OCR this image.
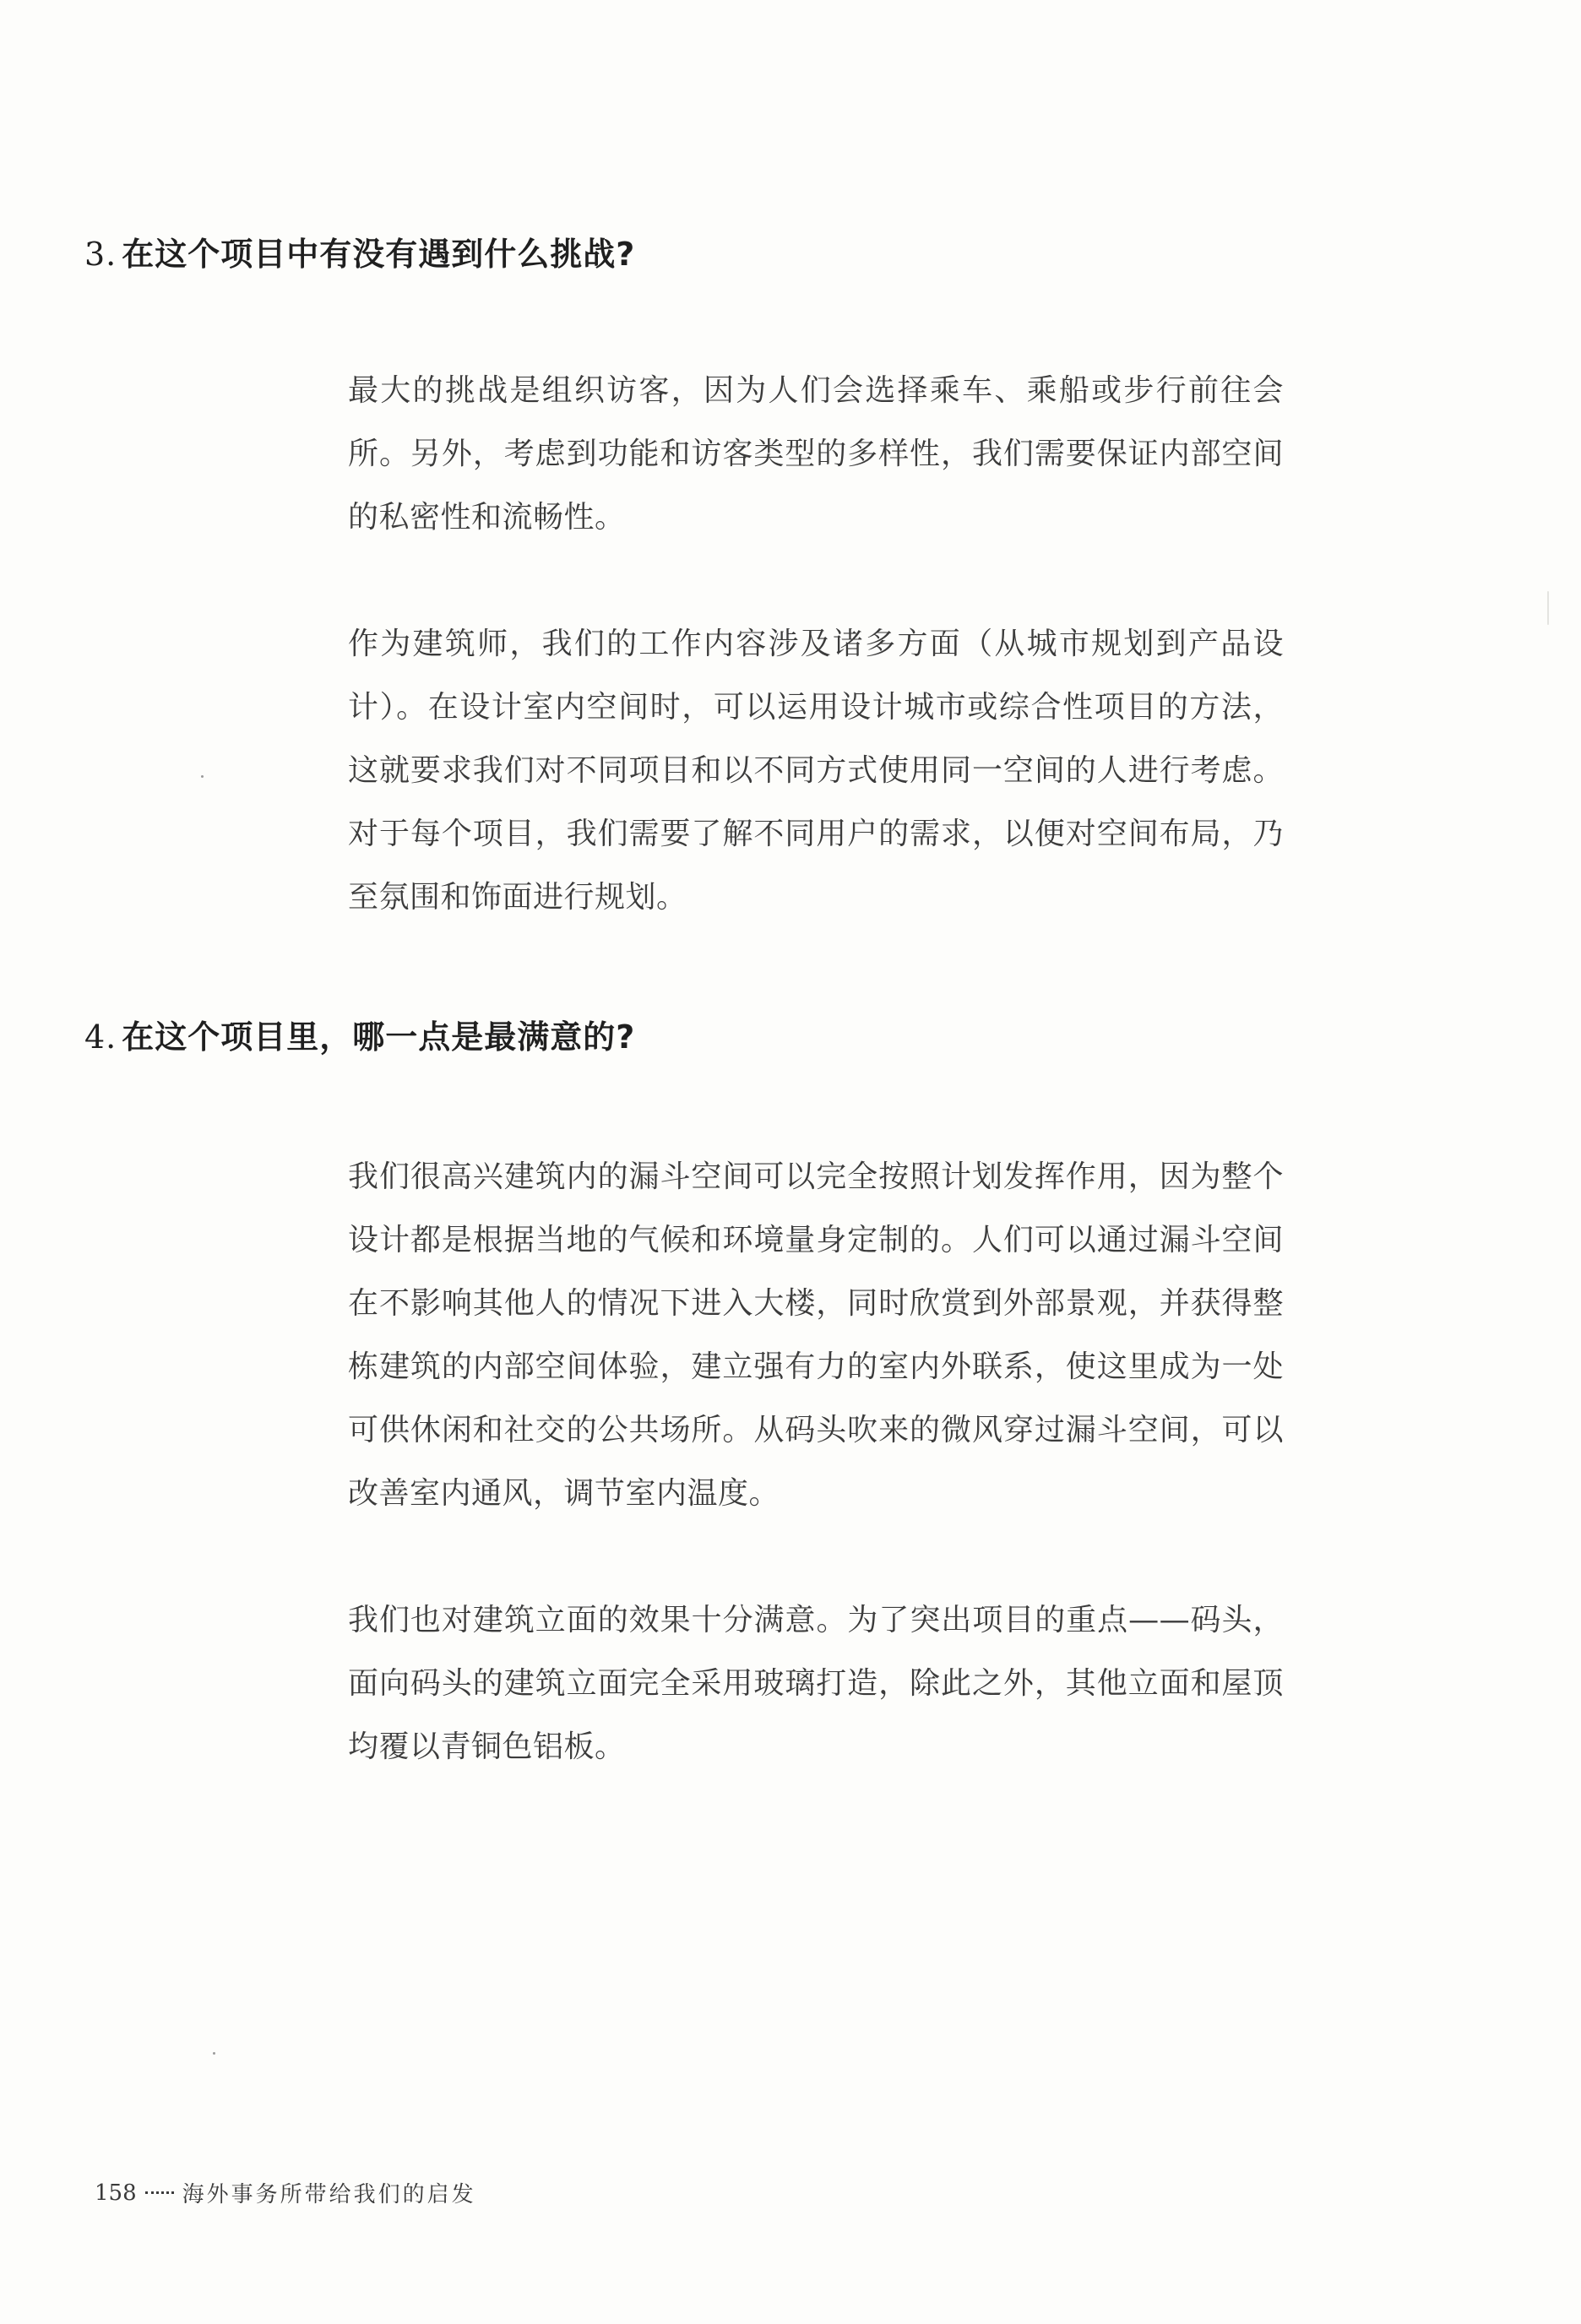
3. 在这个项目中有没有遇到什么挑战?

最大的挑战是组织访客，因为人们会选择乘车、乘船或步行前往会所。另外，考虑到功能和访客类型的多样性，我们需要保证内部空间的私密性和流畅性。

作为建筑师，我们的工作内容涉及诸多方面（从城市规划到产品设计）。在设计室内空间时，可以运用设计城市或综合性项目的方法，这就要求我们对不同项目和以不同方式使用同一空间的人进行考虑。对于每个项目，我们需要了解不同用户的需求，以便对空间布局，乃至氛围和饰面进行规划。

4. 在这个项目里，哪一点是最满意的?

我们很高兴建筑内的漏斗空间可以完全按照计划发挥作用，因为整个设计都是根据当地的气候和环境量身定制的。人们可以通过漏斗空间在不影响其他人的情况下进入大楼，同时欣赏到外部景观，并获得整栋建筑的内部空间体验，建立强有力的室内外联系，使这里成为一处可供休闲和社交的公共场所。从码头吹来的微风穿过漏斗空间，可以改善室内通风，调节室内温度。

我们也对建筑立面的效果十分满意。为了突出项目的重点——码头，面向码头的建筑立面完全采用玻璃打造，除此之外，其他立面和屋顶均覆以青铜色铝板。

158 海外事务所带给我们的启发
